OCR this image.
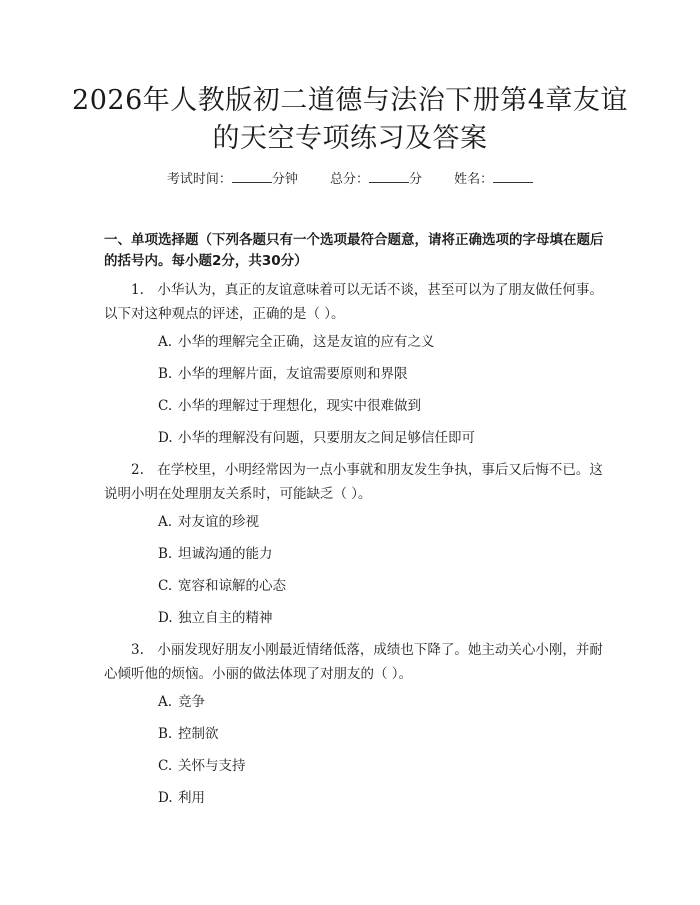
2026年人教版初二道德与法治下册第4章友谊的天空专项练习及答案
考试时间：	分钟 总分：	分 姓名：
一、单项选择题（下列各题只有一个选项最符合题意，请将正确选项的字母填在题后的括号内。每小题2分，共30分）
1.　小华认为，真正的友谊意味着可以无话不谈，甚至可以为了朋友做任何事。以下对这种观点的评述，正确的是（ ）。
A. 小华的理解完全正确，这是友谊的应有之义
B. 小华的理解片面，友谊需要原则和界限
C. 小华的理解过于理想化，现实中很难做到
D. 小华的理解没有问题，只要朋友之间足够信任即可
2.　在学校里，小明经常因为一点小事就和朋友发生争执，事后又后悔不已。这说明小明在处理朋友关系时，可能缺乏（ ）。
A. 对友谊的珍视
B. 坦诚沟通的能力
C. 宽容和谅解的心态
D. 独立自主的精神
3.　小丽发现好朋友小刚最近情绪低落，成绩也下降了。她主动关心小刚，并耐心倾听他的烦恼。小丽的做法体现了对朋友的（ ）。
A. 竞争
B. 控制欲
C. 关怀与支持
D. 利用
